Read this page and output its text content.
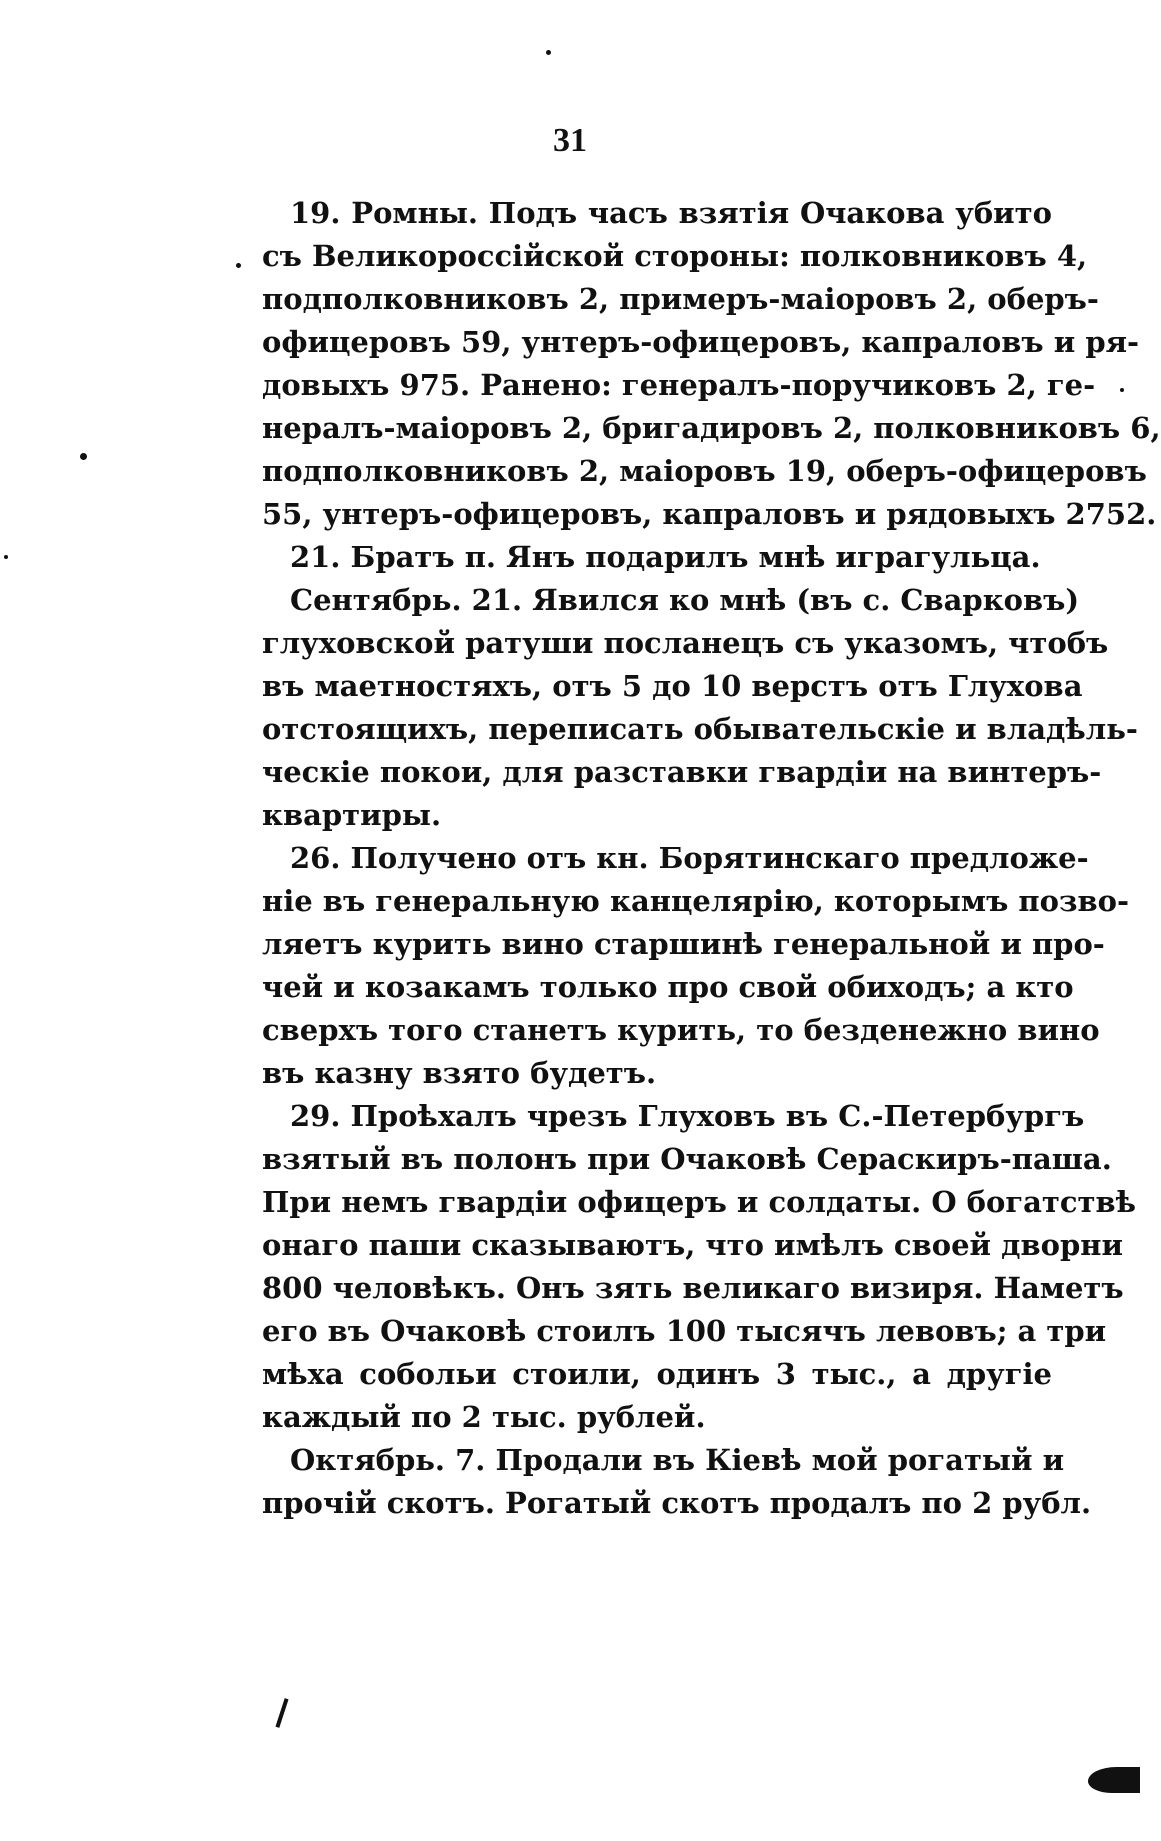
31
19. Ромны. Подъ часъ взятія Очакова убито
съ Великороссійской стороны: полковниковъ 4,
подполковниковъ 2, примеръ-маіоровъ 2, оберъ-
офицеровъ 59, унтеръ-офицеровъ, капраловъ и ря-
довыхъ 975. Ранено: генералъ-поручиковъ 2, ге-
нералъ-маіоровъ 2, бригадировъ 2, полковниковъ 6,
подполковниковъ 2, маіоровъ 19, оберъ-офицеровъ
55, унтеръ-офицеровъ, капраловъ и рядовыхъ 2752.
21. Братъ п. Янъ подарилъ мнѣ играгульца.
Сентябрь. 21. Явился ко мнѣ (въ с. Сварковъ)
глуховской ратуши посланецъ съ указомъ, чтобъ
въ маетностяхъ, отъ 5 до 10 верстъ отъ Глухова
отстоящихъ, переписать обывательскіе и владѣль-
ческіе покои, для разставки гвардіи на винтеръ-
квартиры.
26. Получено отъ кн. Борятинскаго предложе-
ніе въ генеральную канцелярію, которымъ позво-
ляетъ курить вино старшинѣ генеральной и про-
чей и козакамъ только про свой обиходъ; а кто
сверхъ того станетъ курить, то безденежно вино
въ казну взято будетъ.
29. Проѣхалъ чрезъ Глуховъ въ С.-Петербургъ
взятый въ полонъ при Очаковѣ Сераскиръ-паша.
При немъ гвардіи офицеръ и солдаты. О богатствѣ
онаго паши сказываютъ, что имѣлъ своей дворни
800 человѣкъ. Онъ зять великаго визиря. Наметъ
его въ Очаковѣ стоилъ 100 тысячъ левовъ; а три
мѣха собольи стоили, одинъ 3 тыс., а другіе
каждый по 2 тыс. рублей.
Октябрь. 7. Продали въ Кіевѣ мой рогатый и
прочій скотъ. Рогатый скотъ продалъ по 2 рубл.
